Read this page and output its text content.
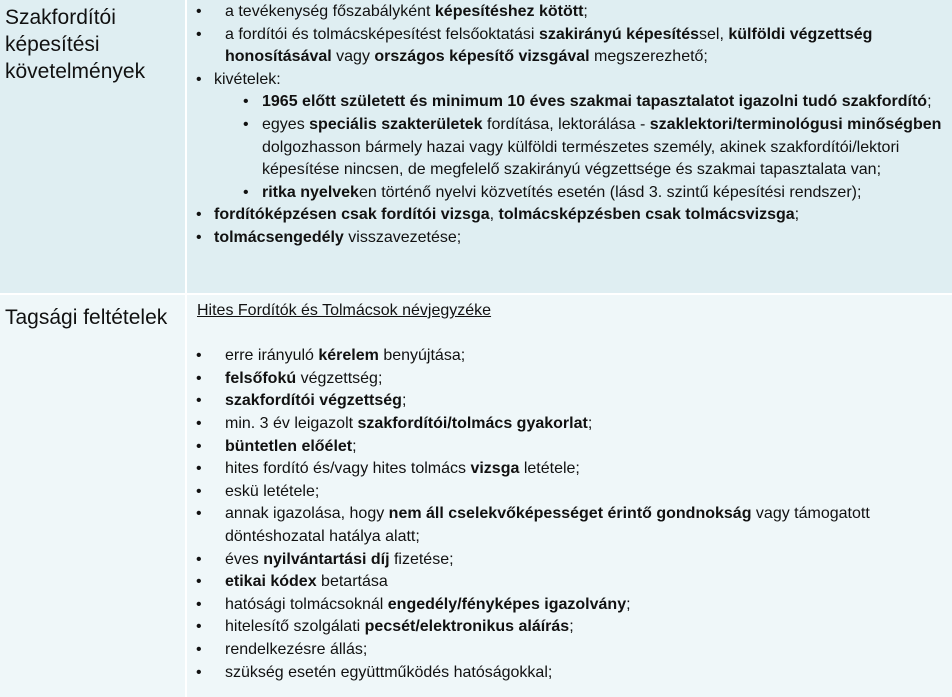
Szakfordítói képesítési követelmények
• a tevékenység főszabályként képesítéshez kötött;
• a fordítói és tolmácsképesítést felsőoktatási szakirányú képesítéssel, külföldi végzettség honosításával vagy országos képesítő vizsgával megszerezhető;
• kivételek:
• 1965 előtt született és minimum 10 éves szakmai tapasztalatot igazolni tudó szakfordító;
• egyes speciális szakterületek fordítása, lektorálása - szaklektori/terminológusi minőségben dolgozhasson bármely hazai vagy külföldi természetes személy, akinek szakfordítói/lektori képesítése nincsen, de megfelelő szakirányú végzettsége és szakmai tapasztalata van;
• ritka nyelveken történő nyelvi közvetítés esetén (lásd 3. szintű képesítési rendszer);
• fordítóképzésen csak fordítói vizsga, tolmácsképzésben csak tolmácsvizsga;
• tolmácsengedély visszavezetése;
Tagsági feltételek	Hites Fordítók és Tolmácsok névjegyzéke
• erre irányuló kérelem benyújtása;
• felsőfokú végzettség;
• szakfordítói végzettség;
• min. 3 év leigazolt szakfordítói/tolmács gyakorlat;
• büntetlen előélet;
• hites fordító és/vagy hites tolmács vizsga letétele;
• eskü letétele;
• annak igazolása, hogy nem áll cselekvőképességet érintő gondnokság vagy támogatott döntéshozatal hatálya alatt;
• éves nyilvántartási díj fizetése;
• etikai kódex betartása
• hatósági tolmácsoknál engedély/fényképes igazolvány;
• hitelesítő szolgálati pecsét/elektronikus aláírás;
• rendelkezésre állás;
• szükség esetén együttműködés hatóságokkal;
